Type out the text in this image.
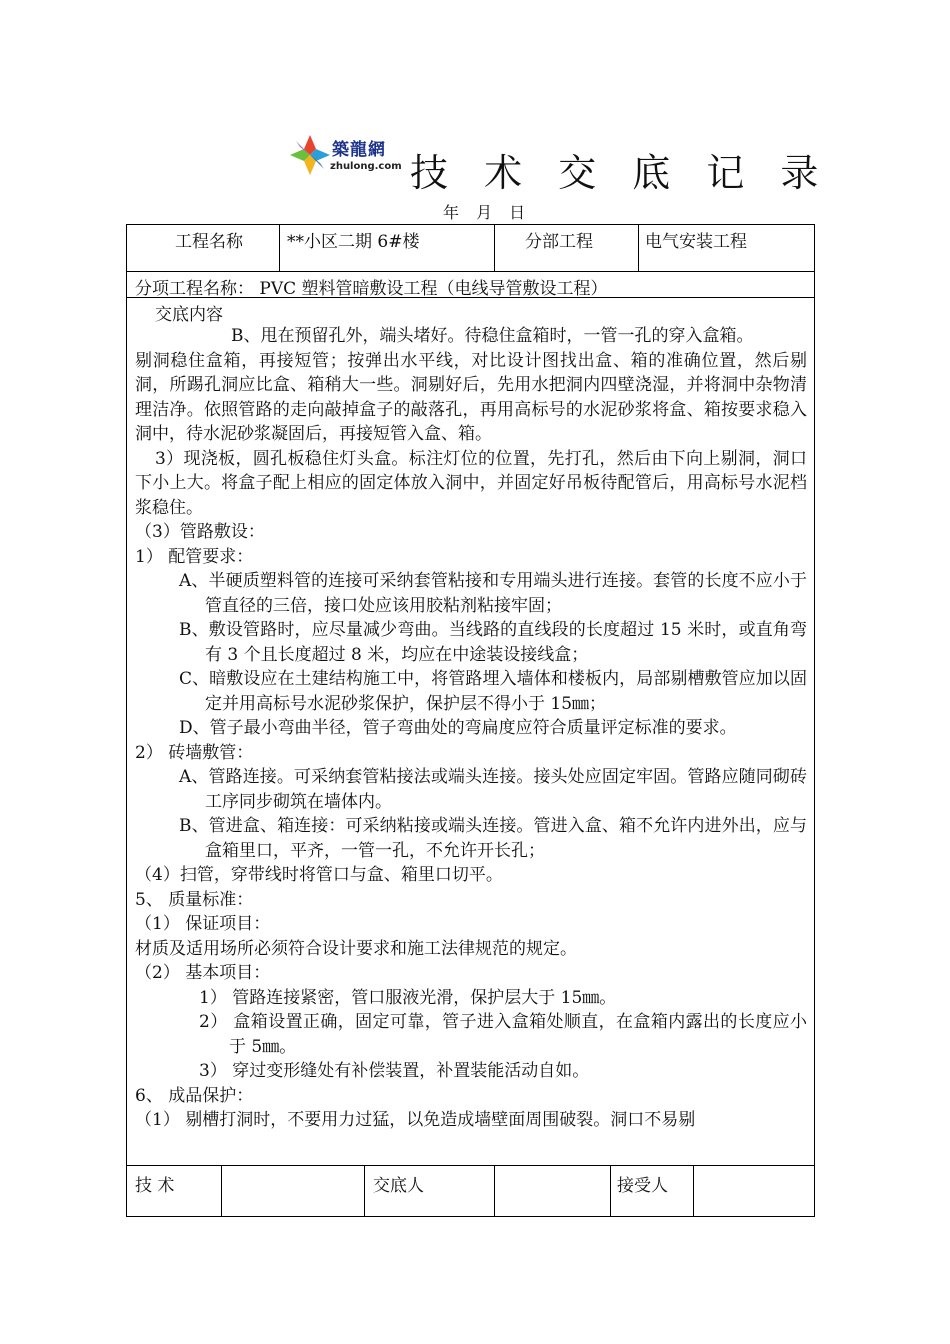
築龍網
zhulong.com 技 术 交 底 记 录
年 月 日
工程名称	**小区二期 6#楼	分部工程	电气安装工程
分项工程名称： PVC 塑料管暗敷设工程（电线导管敷设工程）
交底内容

B、甩在预留孔外，端头堵好。待稳住盒箱时，一管一孔的穿入盒箱。

剔洞稳住盒箱，再接短管；按弹出水平线，对比设计图找出盒、箱的准确位置，然后剔洞，所踢孔洞应比盒、箱稍大一些。洞剔好后，先用水把洞内四壁浇湿，并将洞中杂物清理洁净。依照管路的走向敲掉盒子的敲落孔，再用高标号的水泥砂浆将盒、箱按要求稳入洞中，待水泥砂浆凝固后，再接短管入盒、箱。

3）现浇板，圆孔板稳住灯头盒。标注灯位的位置，先打孔，然后由下向上剔洞，洞口下小上大。将盒子配上相应的固定体放入洞中，并固定好吊板待配管后，用高标号水泥档浆稳住。

（3）管路敷设：

1） 配管要求：

A、半硬质塑料管的连接可采纳套管粘接和专用端头进行连接。套管的长度不应小于管直径的三倍，接口处应该用胶粘剂粘接牢固；

B、敷设管路时，应尽量减少弯曲。当线路的直线段的长度超过 15 米时，或直角弯有 3 个且长度超过 8 米，均应在中途装设接线盒；

C、暗敷设应在土建结构施工中，将管路埋入墙体和楼板内，局部剔槽敷管应加以固定并用高标号水泥砂浆保护，保护层不得小于 15㎜；

D、管子最小弯曲半径，管子弯曲处的弯扁度应符合质量评定标准的要求。

2） 砖墙敷管：

A、管路连接。可采纳套管粘接法或端头连接。接头处应固定牢固。管路应随同砌砖工序同步砌筑在墙体内。

B、管进盒、箱连接：可采纳粘接或端头连接。管进入盒、箱不允许内进外出，应与盒箱里口，平齐，一管一孔，不允许开长孔；

（4）扫管，穿带线时将管口与盒、箱里口切平。

5、 质量标准：

（1） 保证项目：

材质及适用场所必须符合设计要求和施工法律规范的规定。

（2） 基本项目：

1） 管路连接紧密，管口服液光滑，保护层大于 15㎜。

2） 盒箱设置正确，固定可靠，管子进入盒箱处顺直，在盒箱内露出的长度应小于 5㎜。

3） 穿过变形缝处有补偿装置，补置装能活动自如。

6、 成品保护：

（1） 剔槽打洞时，不要用力过猛，以免造成墙壁面周围破裂。洞口不易剔

技 术	交底人	接受人
